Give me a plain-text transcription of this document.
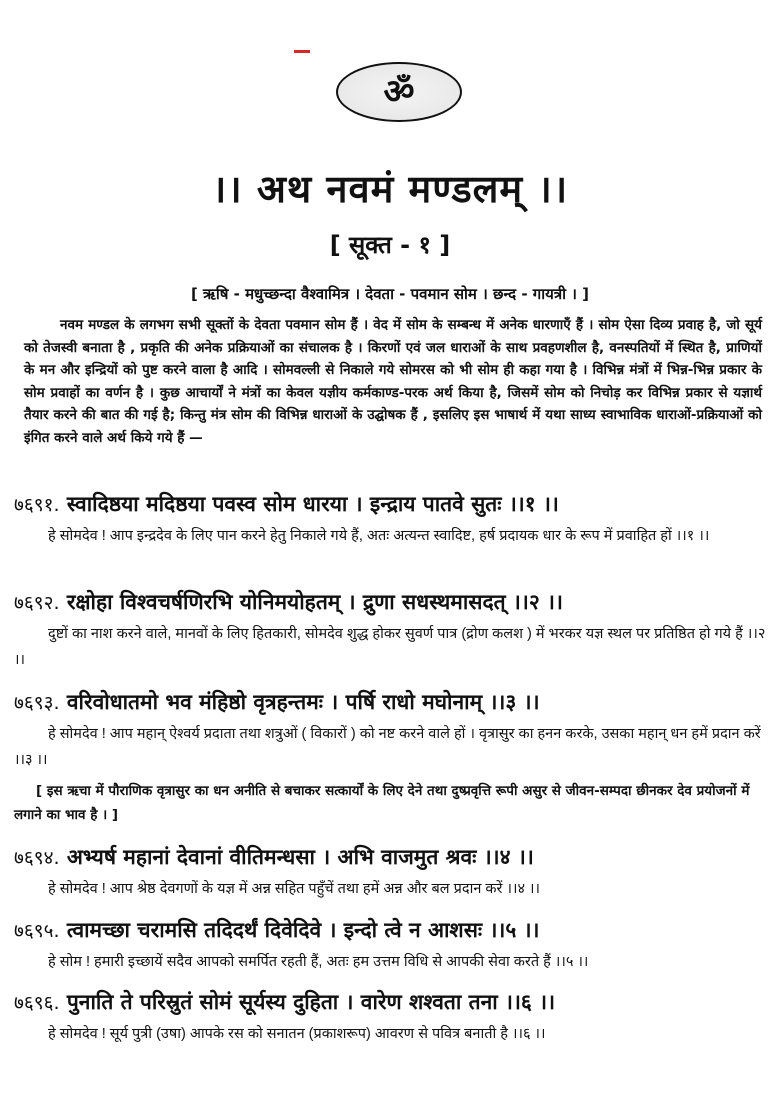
ॐ
।। अथ नवमं मण्डलम् ।।
[ सूक्त - १ ]
[ ऋषि - मधुच्छन्दा वैश्वामित्र । देवता - पवमान सोम । छन्द - गायत्री । ]

नवम मण्डल के लगभग सभी सूक्तों के देवता पवमान सोम हैं । वेद में सोम के सम्बन्ध में अनेक धारणाएँ हैं । सोम ऐसा दिव्य प्रवाह है, जो सूर्य को तेजस्वी बनाता है , प्रकृति की अनेक प्रक्रियाओं का संचालक है । किरणों एवं जल धाराओं के साथ प्रवहणशील है, वनस्पतियों में स्थित है, प्राणियों के मन और इन्द्रियों को पुष्ट करने वाला है आदि । सोमवल्ली से निकाले गये सोमरस को भी सोम ही कहा गया है । विभिन्न मंत्रों में भिन्न-भिन्न प्रकार के सोम प्रवाहों का वर्णन है । कुछ आचार्यों ने मंत्रों का केवल यज्ञीय कर्मकाण्ड-परक अर्थ किया है, जिसमें सोम को निचोड़ कर विभिन्न प्रकार से यज्ञार्थ तैयार करने की बात की गई है; किन्तु मंत्र सोम की विभिन्न धाराओं के उद्घोषक हैं , इसलिए इस भाषार्थ में यथा साध्य स्वाभाविक धाराओं-प्रक्रियाओं को इंगित करने वाले अर्थ किये गये हैं —

७६९१. स्वादिष्ठया मदिष्ठया पवस्व सोम धारया । इन्द्राय पातवे सुतः ।।१ ।।
हे सोमदेव ! आप इन्द्रदेव के लिए पान करने हेतु निकाले गये हैं, अतः अत्यन्त स्वादिष्ट, हर्ष प्रदायक धार के रूप में प्रवाहित हों ।।१ ।।
७६९२. रक्षोहा विश्वचर्षणिरभि योनिमयोहतम् । द्रुणा सधस्थमासदत् ।।२ ।।
दुष्टों का नाश करने वाले, मानवों के लिए हितकारी, सोमदेव शुद्ध होकर सुवर्ण पात्र (द्रोण कलश ) में भरकर यज्ञ स्थल पर प्रतिष्ठित हो गये हैं ।।२ ।।
७६९३. वरिवोधातमो भव मंहिष्ठो वृत्रहन्तमः । पर्षि राधो मघोनाम् ।।३ ।।
हे सोमदेव ! आप महान् ऐश्वर्य प्रदाता तथा शत्रुओं ( विकारों ) को नष्ट करने वाले हों । वृत्रासुर का हनन करके, उसका महान् धन हमें प्रदान करें ।।३ ।।
[ इस ऋचा में पौराणिक वृत्रासुर का धन अनीति से बचाकर सत्कार्यों के लिए देने तथा दुष्प्रवृत्ति रूपी असुर से जीवन-सम्पदा छीनकर देव प्रयोजनों में लगाने का भाव है । ]
७६९४. अभ्यर्ष महानां देवानां वीतिमन्धसा । अभि वाजमुत श्रवः ।।४ ।।
हे सोमदेव ! आप श्रेष्ठ देवगणों के यज्ञ में अन्न सहित पहुँचें तथा हमें अन्न और बल प्रदान करें ।।४ ।।
७६९५. त्वामच्छा चरामसि तदिदर्थं दिवेदिवे । इन्दो त्वे न आशसः ।।५ ।।
हे सोम ! हमारी इच्छायें सदैव आपको समर्पित रहती हैं, अतः हम उत्तम विधि से आपकी सेवा करते हैं ।।५ ।।
७६९६. पुनाति ते परिस्रुतं सोमं सूर्यस्य दुहिता । वारेण शश्वता तना ।।६ ।।
हे सोमदेव ! सूर्य पुत्री (उषा) आपके रस को सनातन (प्रकाशरूप) आवरण से पवित्र बनाती है ।।६ ।।
